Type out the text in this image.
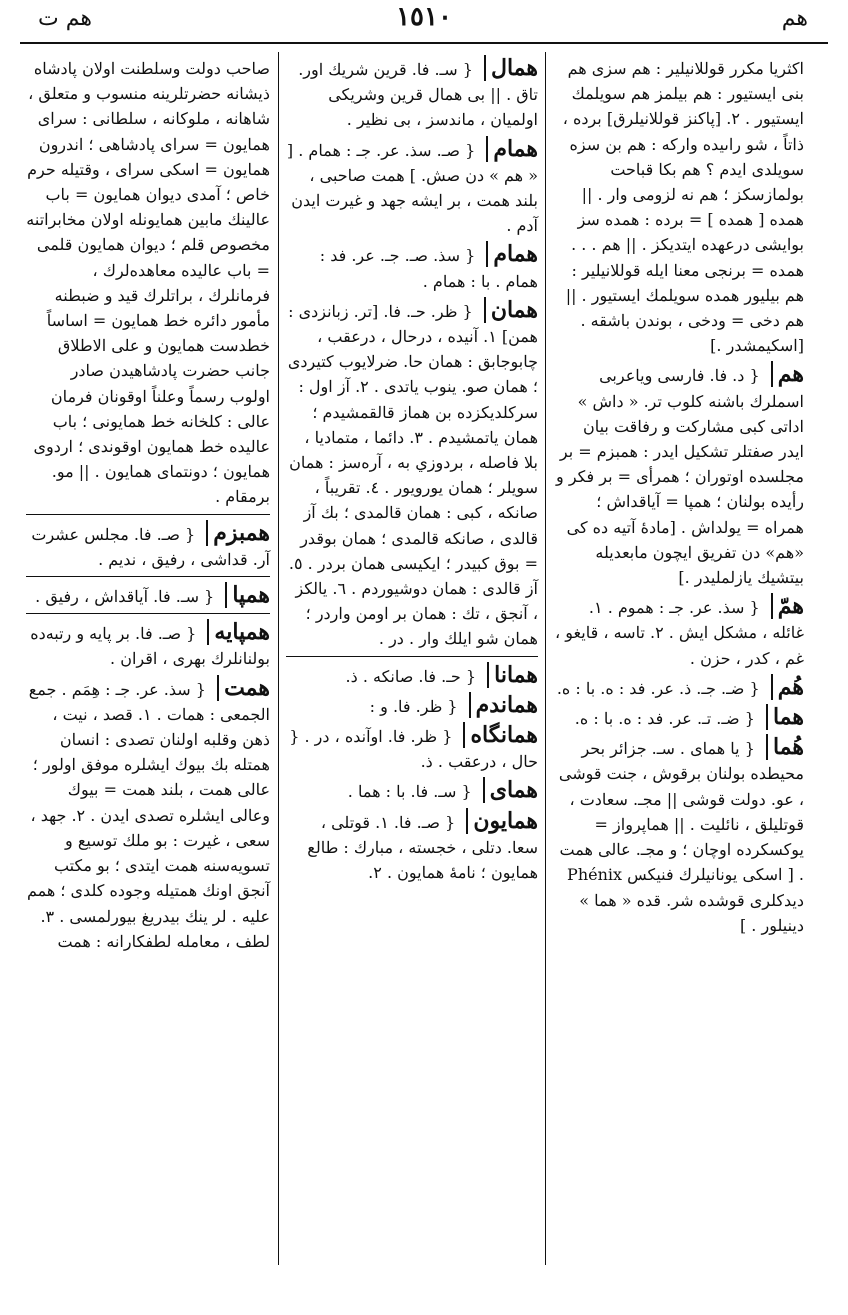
هم ت	١٥١٠	هم
اكثريا مكرر قوللانيلير : هم سزى هم بنى ايستيور : هم بيلمز هم سويلمك ايستيور . ٢. [پاكنز قوللانيلرق] برده ، ذاتاً ، شو راىيده واركه : هم بن سزه سويلدى ايدم ؟ هم بكا قباحت بولمازسكز ؛ هم نه لزومى وار . || همده [ همده ] = برده : همده سز بوايشى درعهده ايتديكز . || هم . . . همده = برنجى معنا ايله قوللانيلير : هم بيليور همده سويلمك ايستيور . || هم دخى = ودخى ، بوندن باشقه . [اسكيمشدر .]
هم { د. فا. فارسى وياعربى اسملرك باشنه كلوب تر. « داش » اداتى كبى مشاركت و رفاقت بيان ايدر صفتلر تشكيل ايدر : همبزم = بر مجلسده اوتوران ؛ همرأى = بر فكر و رأيده بولنان ؛ همپا = آياقداش ؛ همراه = يولداش . [مادۀ آتيه ده كى «هم» دن تفريق ايچون مابعديله بيتشيك يازلمليدر .]
همّ { سذ. عر. جـ : هموم . ١. غائله ، مشكل ايش . ٢. تاسه ، قايغو ، غم ، كدر ، حزن .
هُم { ضـ. جـ. ذ. عر. فد : ه. با : ه.
هما { ضـ. تـ. عر. فد : ه. با : ه.
هُما { يا هماى . سـ. جزائر بحر محيطده بولنان برقوش ، جنت قوشى ، عو. دولت قوشى || مجـ. سعادت ، قوتليلق ، نائليت . || هماپرواز = يوكسكرده اوچان ؛ و مجـ. عالى همت . [ اسكى يونانيلرك فنيكس Phénix ديدكلرى قوشده شر. قده « هما » دينيلور . ]
همال { سـ. فا. قرين شريك اور. تاق . || بى همال قرين وشريكى اولميان ، ماندسز ، بى نظير .
همام { صـ. سذ. عر. جـ : همام . [ « هم » دن صش. ] همت صاحبى ، بلند همت ، بر ايشه جهد و غيرت ايدن آدم .
همام { سذ. صـ. جـ. عر. فد : همام . با : همام .
همان { ظر. حـ. فا. [تر. زبانزدى : همن] ١. آنيده ، درحال ، درعقب ، چابوجابق : همان حا. ضرلايوب كتيردى ؛ همان صو. ينوب ياتدى . ٢. آز اول : سركلديكزده بن هماز قالقمشيدم ؛ همان ياتمشيدم . ٣. دائما ، متماديا ، بلا فاصله ، بردوزي به ، آره‌سز : همان سويلر ؛ همان يورويور . ٤. تقريباً ، صانكه ، كبى : همان قالمدى ؛ بك آز قالدى ، صانكه قالمدى ؛ همان بوقدر = بوق كبيدر ؛ ايكيسى همان بردر . ٥. آز قالدى : همان دوشيوردم . ٦. يالكز ، آنجق ، تك : همان بر اومن واردر ؛ همان شو ايلك وار . در .
همانا { حـ. فا. صانكه . ذ.
هماندم { ظر. فا. و :
همانگاه { ظر. فا. اوآنده ، در . { حال ، درعقب . ذ.
هماى { سـ. فا. با : هما .
همايون { صـ. فا. ١. قوتلى ، سعا. دتلى ، خجسته ، مبارك : طالع همايون ؛ نامۀ همايون . ٢.
صاحب دولت وسلطنت اولان پادشاه ذيشانه حضرتلرينه منسوب و متعلق ، شاهانه ، ملوكانه ، سلطانى : سراى همايون = سراى پادشاهى ؛ اندرون همايون = اسكى سراى ، وقتيله حرم خاص ؛ آمدى ديوان همايون = باب عالينك مابين همايونله اولان مخابراتنه مخصوص قلم ؛ ديوان همايون قلمى = باب عاليده معاهده‌لرك ، فرمانلرك ، براتلرك قيد و ضبطنه مأمور دائره خط همايون = اساساً خطدست همايون و على الاطلاق جانب حضرت پادشاهيدن صادر اولوب رسماً وعلناً اوقونان فرمان عالى : كلخانه خط همايونى ؛ باب عاليده خط همايون اوقوندى ؛ اردوى همايون ؛ دونتماى همايون . || مو. برمقام .
همبزم { صـ. فا. مجلس عشرت آر. قداشى ، رفيق ، نديم .
همپا { سـ. فا. آياقداش ، رفيق .
همپايه { صـ. فا. بر پايه و رتبه‌ده بولنانلرك بهرى ، اقران .
همت { سذ. عر. جـ : هِمَم . جمع الجمعى : همات . ١. قصد ، نيت ، ذهن وقلبه اولنان تصدى : انسان همتله بك بيوك ايشلره موفق اولور ؛ عالى همت ، بلند همت = بيوك وعالى ايشلره تصدى ايدن . ٢. جهد ، سعى ، غيرت : بو ملك توسيع و تسويه‌سنه همت ايتدى ؛ بو مكتب آنجق اونك همتيله وجوده كلدى ؛ همم عليه . لر ينك بيدريغ بيورلمسى . ٣. لطف ، معامله لطفكارانه : همت
